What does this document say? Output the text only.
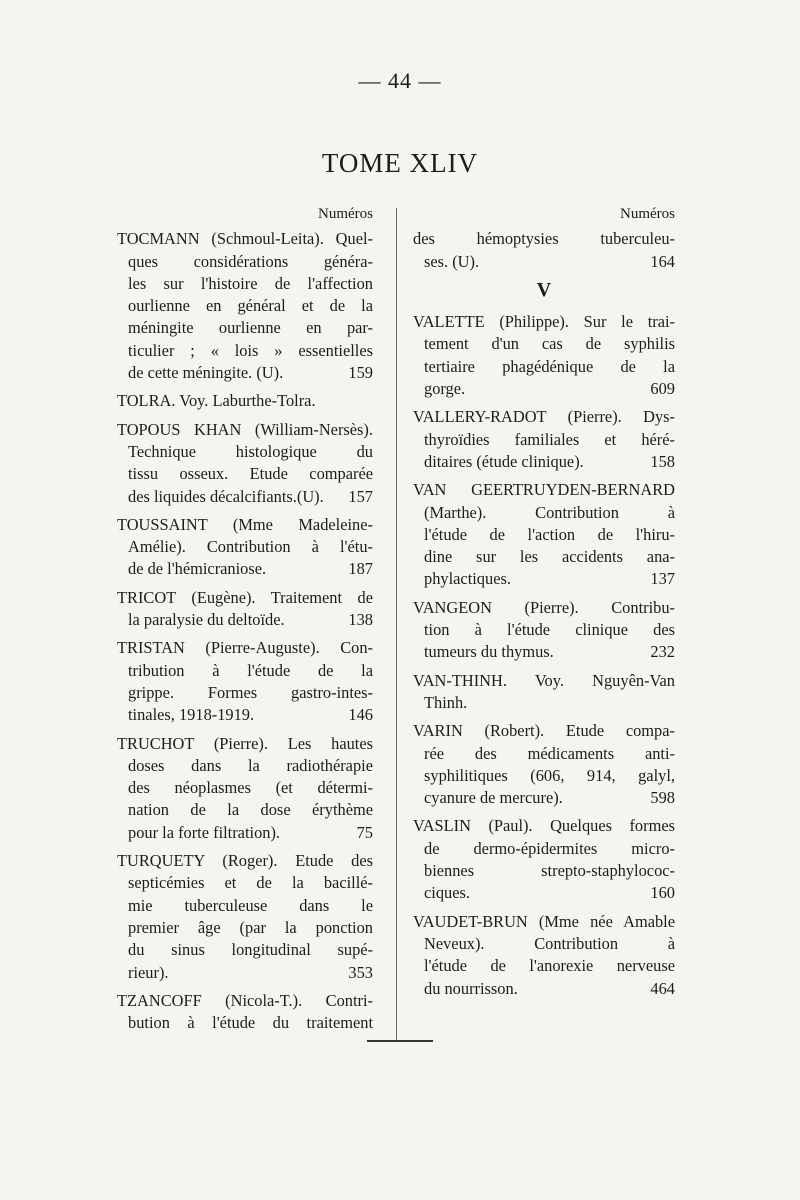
— 44 —
TOME XLIV
Numéros
TOCMANN (Schmoul-Leita). Quel-
ques considérations généra-
les sur l'histoire de l'affection
ourlienne en général et de la
méningite ourlienne en par-
ticulier ; « lois » essentielles
de cette méningite. (U).	159
TOLRA. Voy. Laburthe-Tolra.
TOPOUS KHAN (William-Nersès).
Technique histologique du
tissu osseux. Etude comparée
des liquides décalcifiants.(U). 157
TOUSSAINT (Mme Madeleine-
Amélie). Contribution à l'étu-
de de l'hémicraniose.	187
TRICOT (Eugène). Traitement de
la paralysie du deltoïde.	138
TRISTAN (Pierre-Auguste). Con-
tribution à l'étude de la
grippe. Formes gastro-intes-
tinales, 1918-1919.	146
TRUCHOT (Pierre). Les hautes
doses dans la radiothérapie
des néoplasmes (et détermi-
nation de la dose érythème
pour la forte filtration).	75
TURQUETY (Roger). Etude des
septicémies et de la bacillé-
mie tuberculeuse dans le
premier âge (par la ponction
du sinus longitudinal supé-
rieur).	353
TZANCOFF (Nicola-T.). Contri-
bution à l'étude du traitement
Numéros
des hémoptysies tuberculeu-
ses. (U).	164
V
VALETTE (Philippe). Sur le trai-
tement d'un cas de syphilis
tertiaire phagédénique de la
gorge.	609
VALLERY-RADOT (Pierre). Dys-
thyroïdies familiales et héré-
ditaires (étude clinique).	158
VAN GEERTRUYDEN-BERNARD
(Marthe). Contribution à
l'étude de l'action de l'hiru-
dine sur les accidents ana-
phylactiques.	137
VANGEON (Pierre). Contribu-
tion à l'étude clinique des
tumeurs du thymus.	232
VAN-THINH. Voy. Nguyên-Van
Thinh.
VARIN (Robert). Etude compa-
rée des médicaments anti-
syphilitiques (606, 914, galyl,
cyanure de mercure).	598
VASLIN (Paul). Quelques formes
de dermo-épidermites micro-
biennes strepto-staphylococ-
ciques.	160
VAUDET-BRUN (Mme née Amable
Neveux). Contribution à
l'étude de l'anorexie nerveuse
du nourrisson.	464
